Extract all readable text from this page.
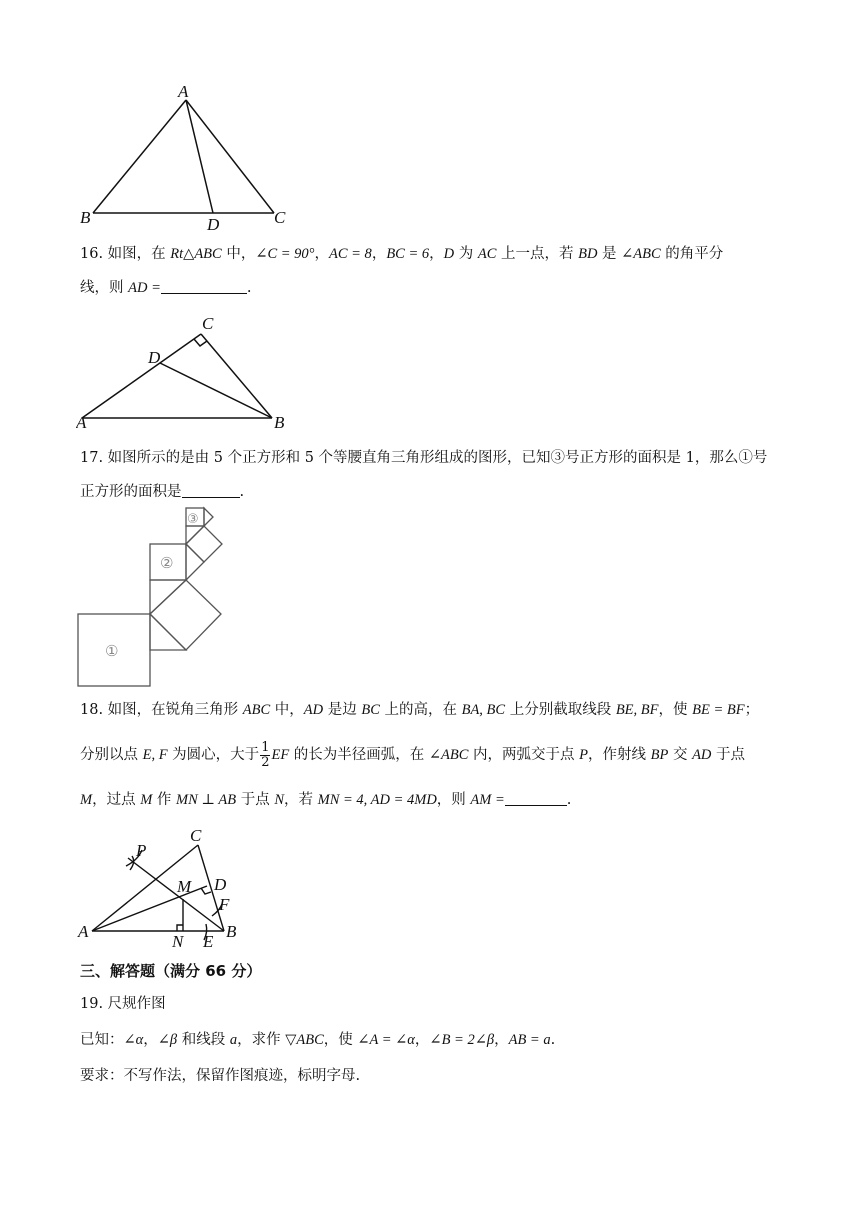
A
B	C
D
16. 如图，在 Rt△ABC 中，∠C = 90°，AC = 8，BC = 6，D 为 AC 上一点，若 BD 是 ∠ABC 的角平分
线，则 AD =	.
C
D
A	B
17. 如图所示的是由 5 个正方形和 5 个等腰直角三角形组成的图形，已知③号正方形的面积是 1，那么①号
正方形的面积是	.
①
②
③
18. 如图，在锐角三角形 ABC 中，AD 是边 BC 上的高，在 BA, BC 上分别截取线段 BE, BF，使 BE = BF；
分别以点 E, F 为圆心，大于 $\frac{1}{2}$ EF 的长为半径画弧，在 ∠ABC 内，两弧交于点 P，作射线 BP 交 AD 于点
M，过点 M 作 MN ⊥ AB 于点 N，若 MN = 4, AD = 4MD，则 AM =	.
P
C
M D
F
A
N E
B
三、解答题（满分 66 分）
19. 尺规作图
已知：∠α，∠β 和线段 a，求作 ▽ABC，使 ∠A = ∠α，∠B = 2∠β，AB = a.
要求：不写作法，保留作图痕迹，标明字母.
